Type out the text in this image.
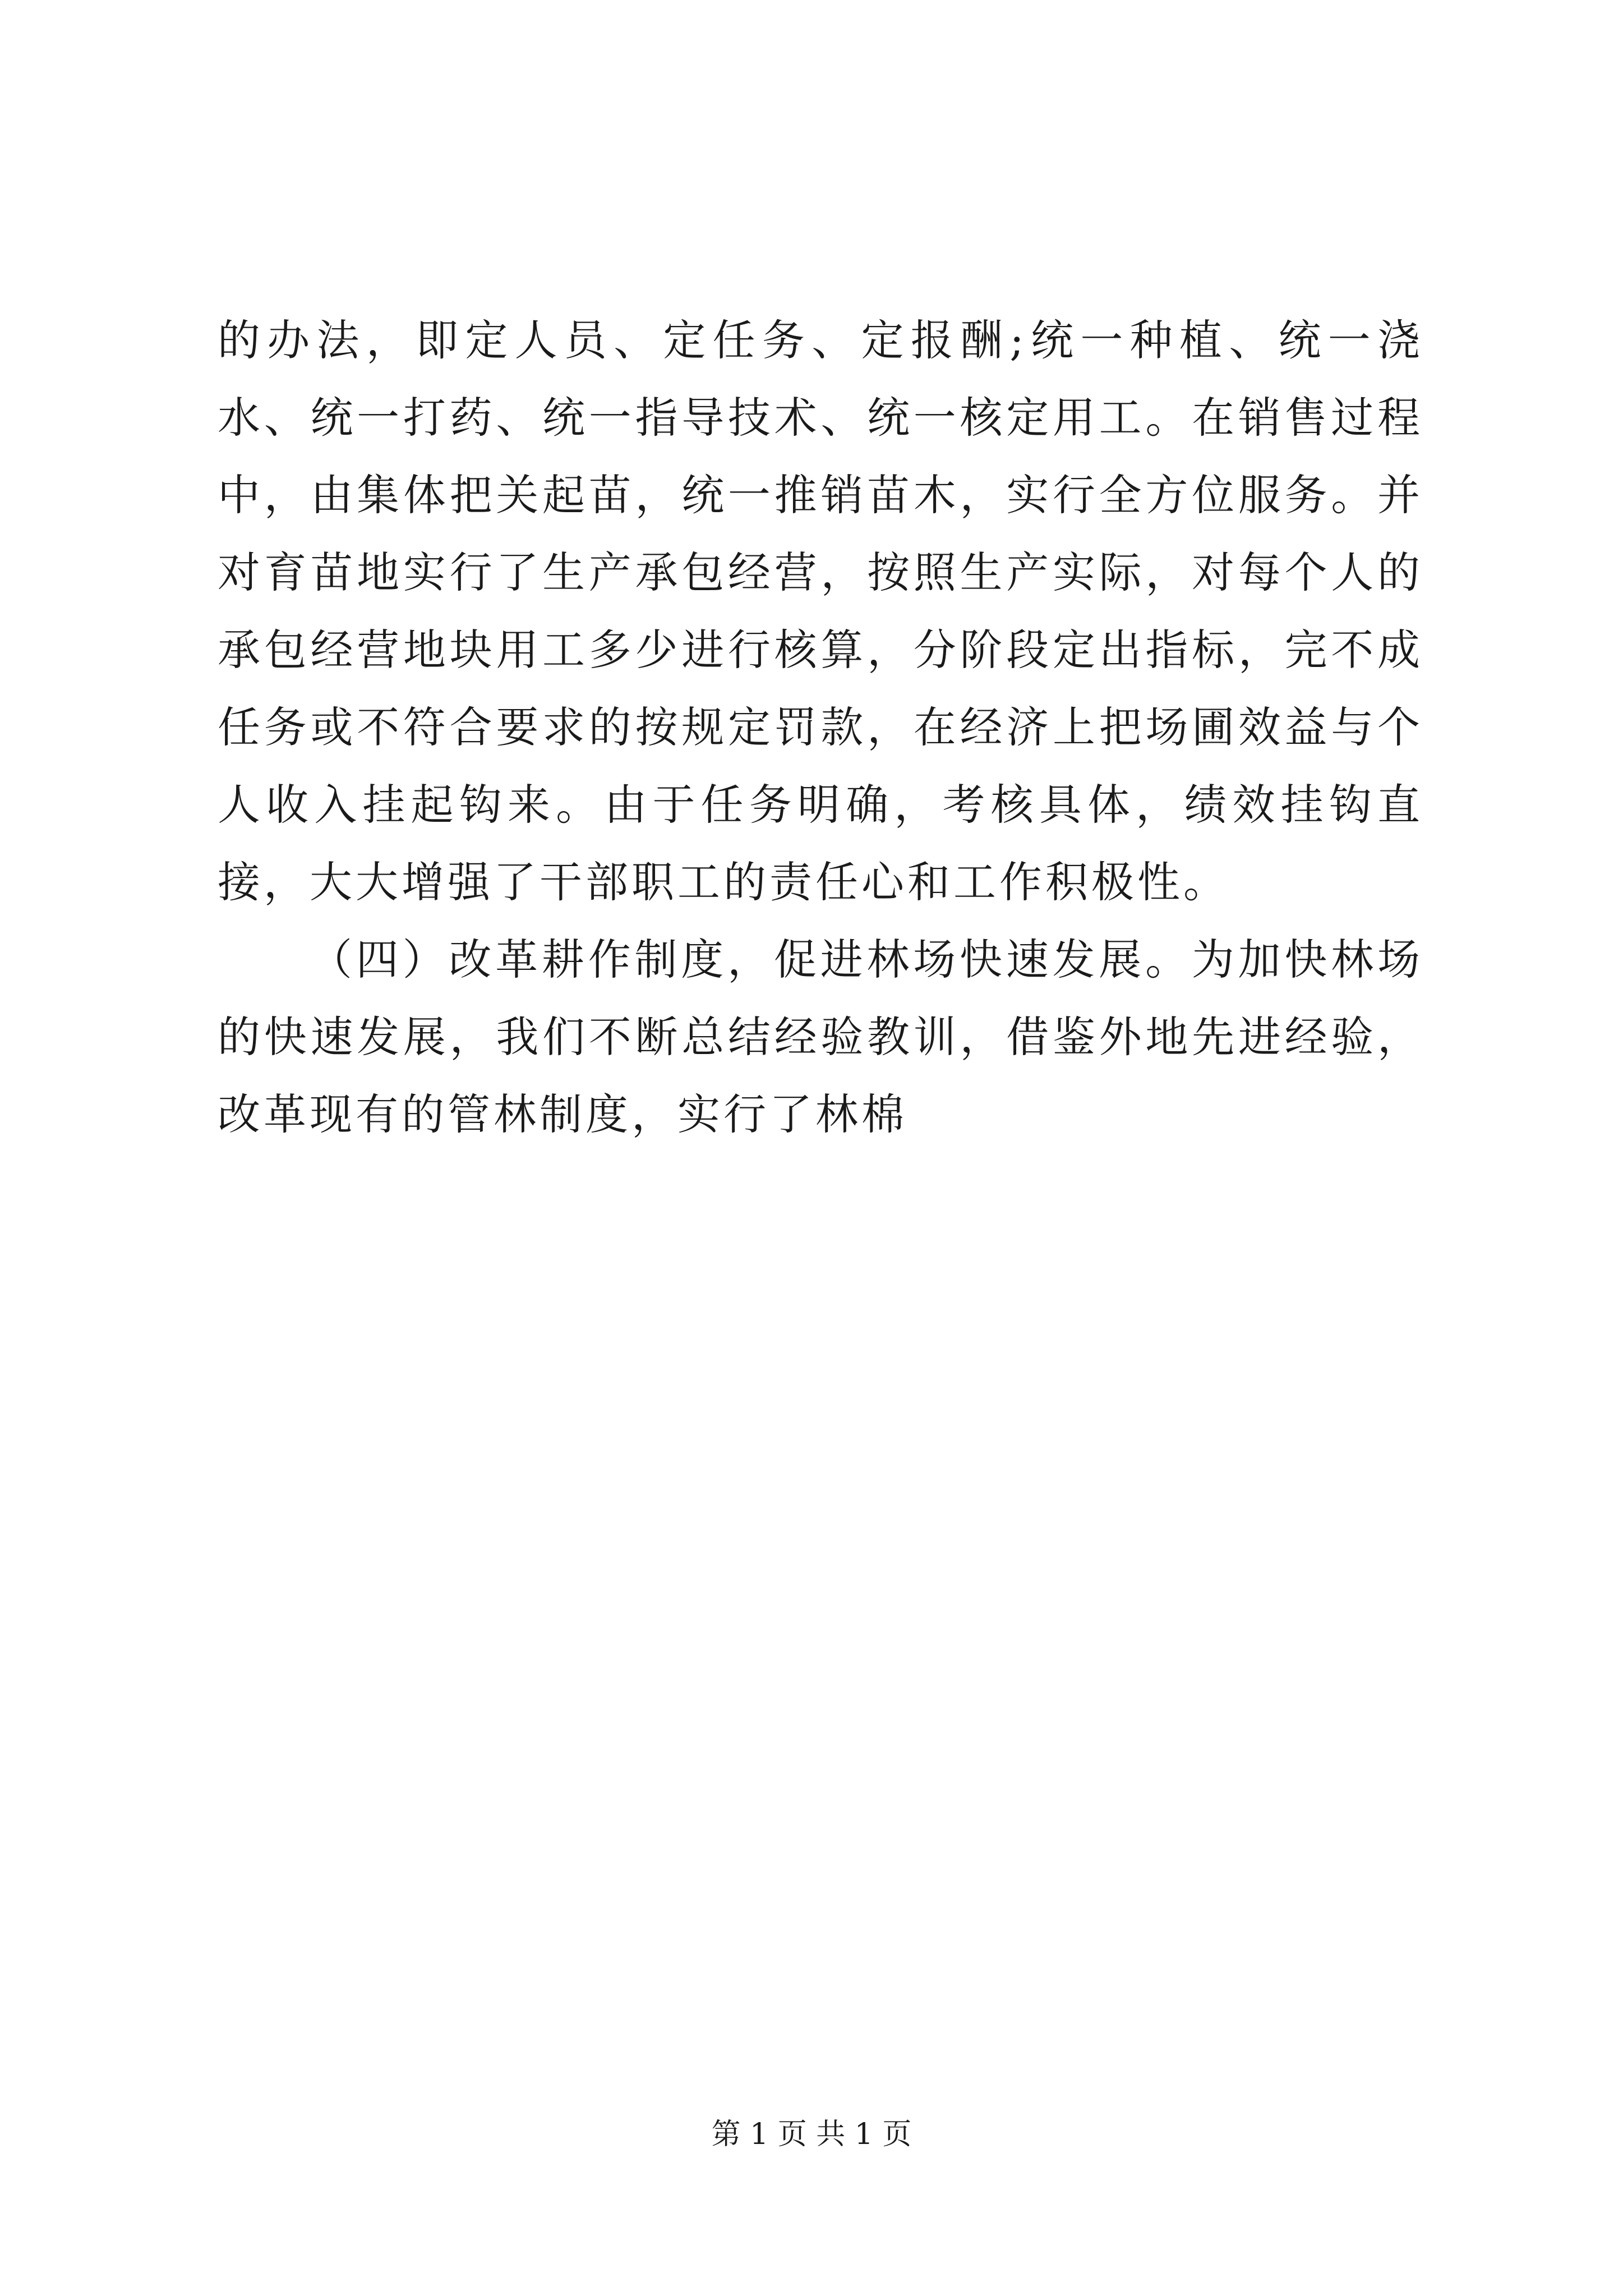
的办法，即定人员、定任务、定报酬;统一种植、统一浇水、统一打药、统一指导技术、统一核定用工。在销售过程中，由集体把关起苗，统一推销苗木，实行全方位服务。并对育苗地实行了生产承包经营，按照生产实际，对每个人的承包经营地块用工多少进行核算，分阶段定出指标，完不成任务或不符合要求的按规定罚款，在经济上把场圃效益与个人收入挂起钩来。由于任务明确，考核具体，绩效挂钩直接，大大增强了干部职工的责任心和工作积极性。

（四）改革耕作制度，促进林场快速发展。为加快林场的快速发展，我们不断总结经验教训，借鉴外地先进经验，改革现有的管林制度，实行了林棉

第 1 页 共 1 页
